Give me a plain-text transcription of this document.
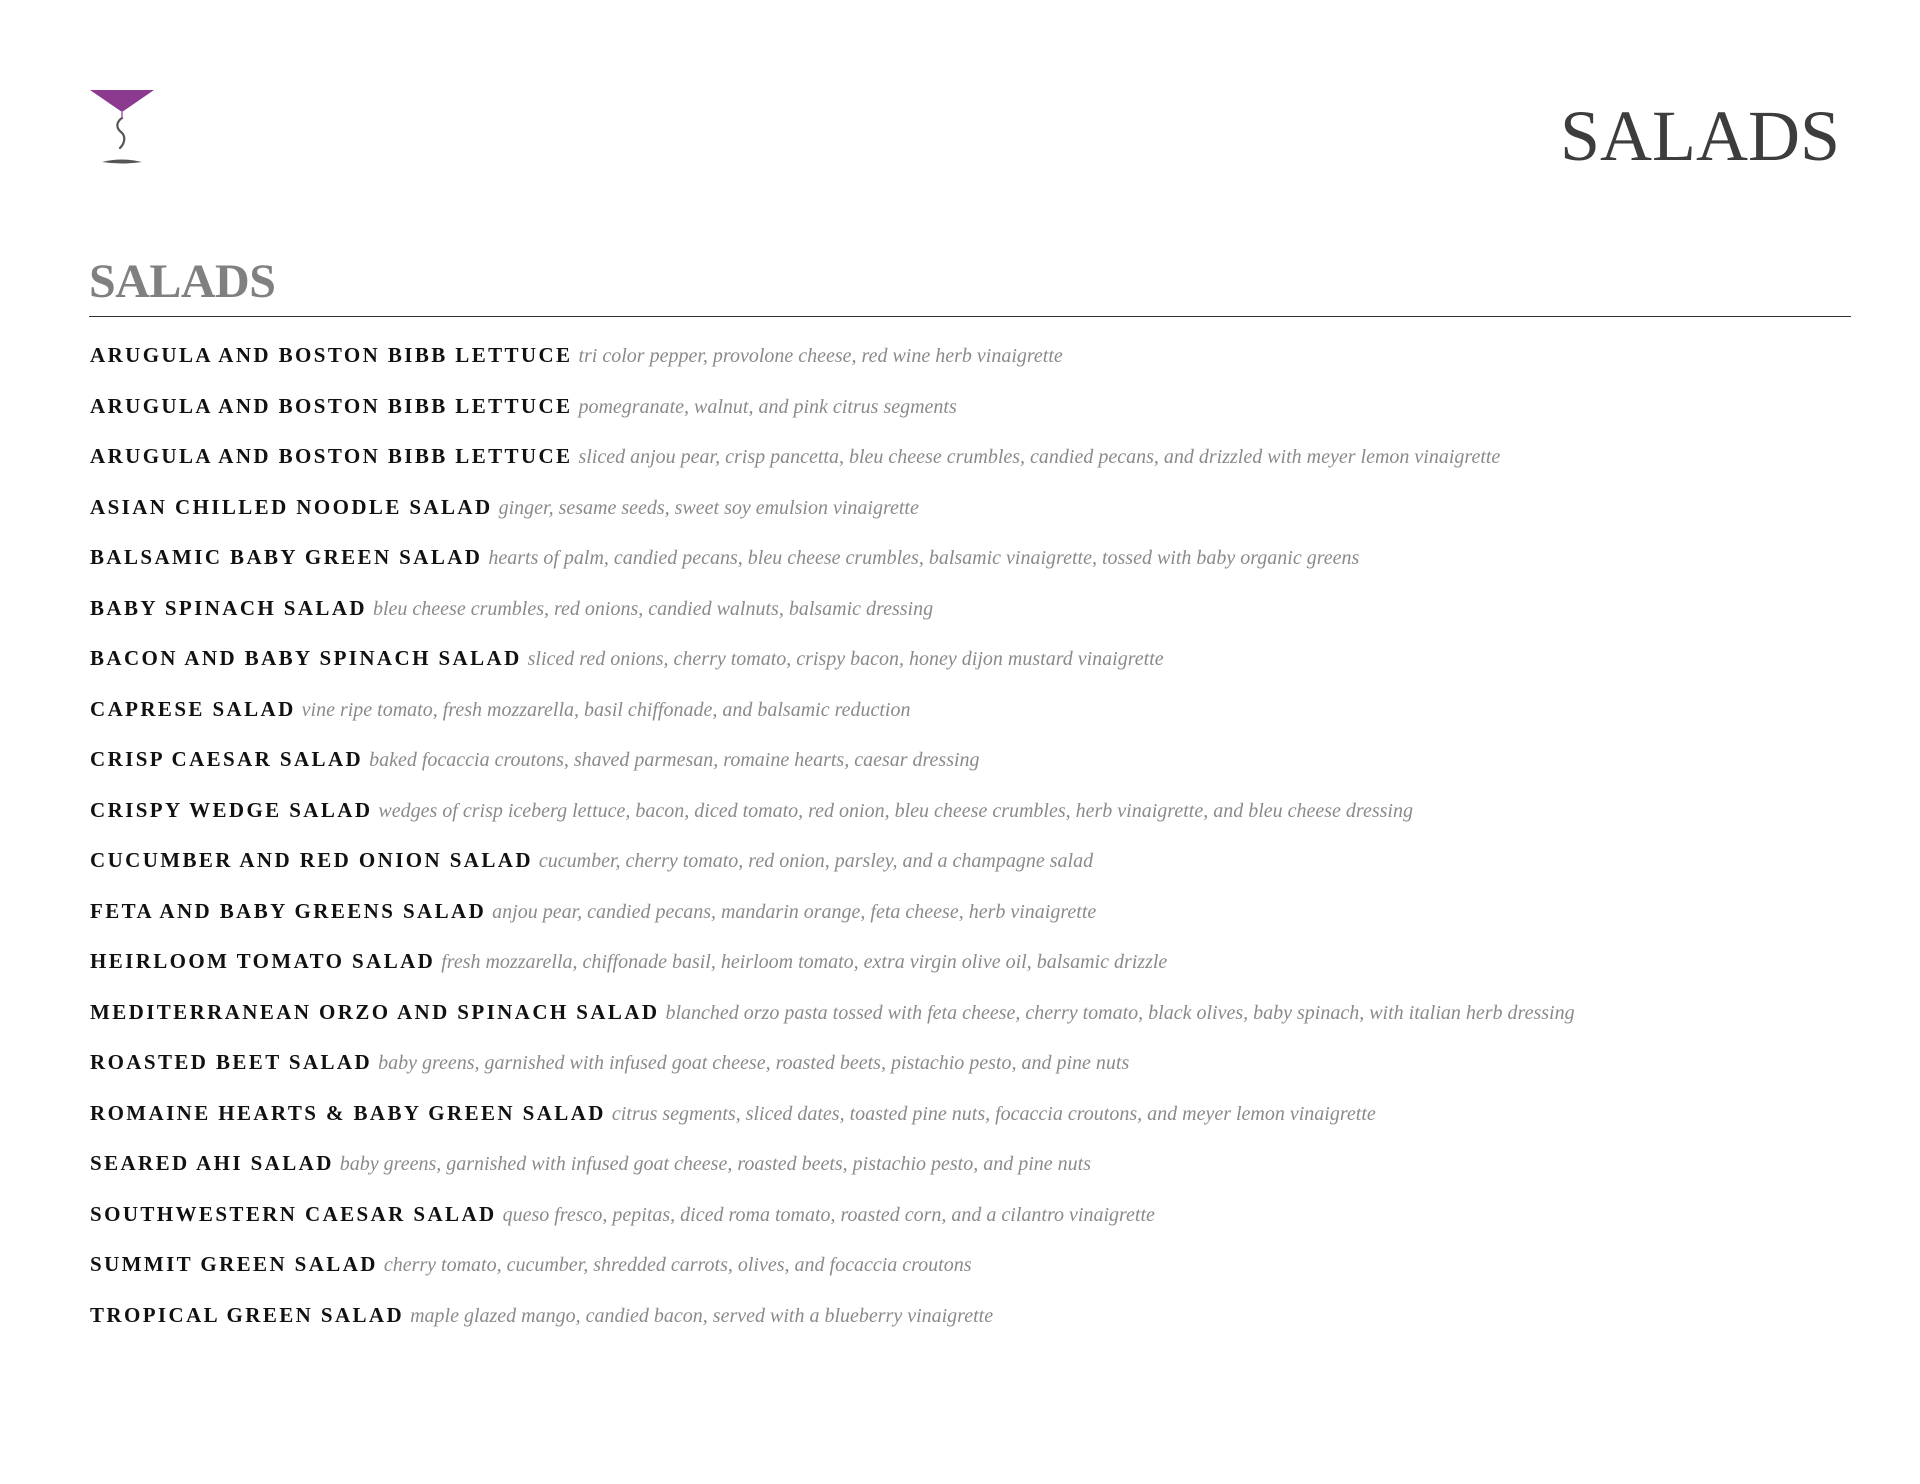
SALADS
SALADS
ARUGULA AND BOSTON BIBB LETTUCE tri color pepper, provolone cheese, red wine herb vinaigrette
ARUGULA AND BOSTON BIBB LETTUCE pomegranate, walnut, and pink citrus segments
ARUGULA AND BOSTON BIBB LETTUCE sliced anjou pear, crisp pancetta, bleu cheese crumbles, candied pecans, and drizzled with meyer lemon vinaigrette
ASIAN CHILLED NOODLE SALAD ginger, sesame seeds, sweet soy emulsion vinaigrette
BALSAMIC BABY GREEN SALAD hearts of palm, candied pecans, bleu cheese crumbles, balsamic vinaigrette, tossed with baby organic greens
BABY SPINACH SALAD bleu cheese crumbles, red onions, candied walnuts, balsamic dressing
BACON AND BABY SPINACH SALAD sliced red onions, cherry tomato, crispy bacon, honey dijon mustard vinaigrette
CAPRESE SALAD vine ripe tomato, fresh mozzarella, basil chiffonade, and balsamic reduction
CRISP CAESAR SALAD baked focaccia croutons, shaved parmesan, romaine hearts, caesar dressing
CRISPY WEDGE SALAD wedges of crisp iceberg lettuce, bacon, diced tomato, red onion, bleu cheese crumbles, herb vinaigrette, and bleu cheese dressing
CUCUMBER AND RED ONION SALAD cucumber, cherry tomato, red onion, parsley, and a champagne salad
FETA AND BABY GREENS SALAD anjou pear, candied pecans, mandarin orange, feta cheese, herb vinaigrette
HEIRLOOM TOMATO SALAD fresh mozzarella, chiffonade basil, heirloom tomato, extra virgin olive oil, balsamic drizzle
MEDITERRANEAN ORZO AND SPINACH SALAD blanched orzo pasta tossed with feta cheese, cherry tomato, black olives, baby spinach, with italian herb dressing
ROASTED BEET SALAD baby greens, garnished with infused goat cheese, roasted beets, pistachio pesto, and pine nuts
ROMAINE HEARTS & BABY GREEN SALAD citrus segments, sliced dates, toasted pine nuts, focaccia croutons, and meyer lemon vinaigrette
SEARED AHI SALAD baby greens, garnished with infused goat cheese, roasted beets, pistachio pesto, and pine nuts
SOUTHWESTERN CAESAR SALAD queso fresco, pepitas, diced roma tomato, roasted corn, and a cilantro vinaigrette
SUMMIT GREEN SALAD cherry tomato, cucumber, shredded carrots, olives, and focaccia croutons
TROPICAL GREEN SALAD maple glazed mango, candied bacon, served with a blueberry vinaigrette
